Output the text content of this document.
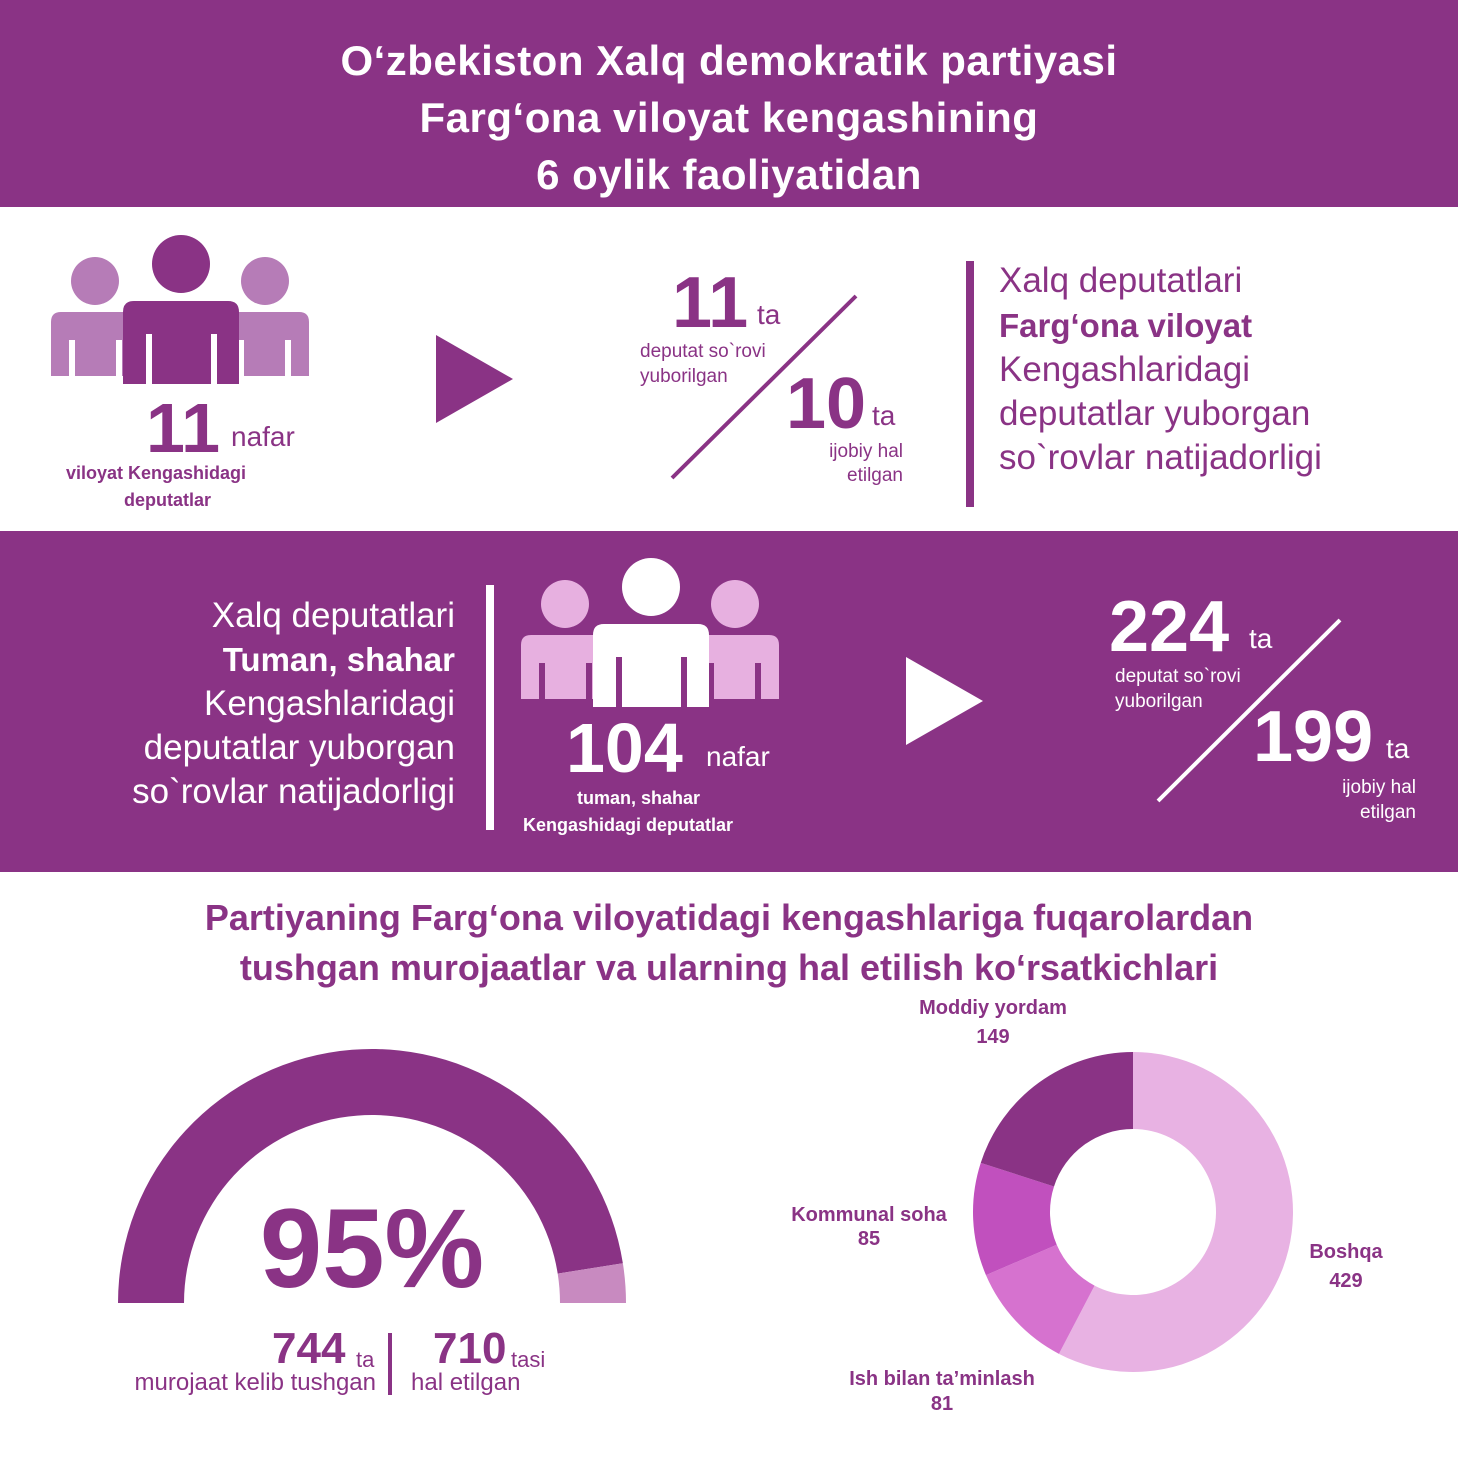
O‘zbekiston Xalq demokratik partiyasi
Farg‘ona viloyat kengashining
6 oylik faoliyatidan
11 nafar
viloyat Kengashidagi
deputatlar
11 ta
deputat so`rovi
yuborilgan 10 ta
ijobiy hal
etilgan
Xalq deputatlari
Farg‘ona viloyat
Kengashlaridagi
deputatlar yuborgan
so`rovlar natijadorligi
Xalq deputatlari
Tuman, shahar
Kengashlaridagi
deputatlar yuborgan
so`rovlar natijadorligi
104 nafar
tuman, shahar
Kengashidagi deputatlar
224 ta
deputat so`rovi
yuborilgan 199 ta
ijobiy hal
etilgan
Partiyaning Farg‘ona viloyatidagi kengashlariga fuqarolardan
tushgan murojaatlar va ularning hal etilish ko‘rsatkichlari
95%
744 ta
murojaat kelib tushgan
710 tasi
hal etilgan
Moddiy yordam
149
Kommunal soha
85
Boshqa
429
Ish bilan ta’minlash
81
